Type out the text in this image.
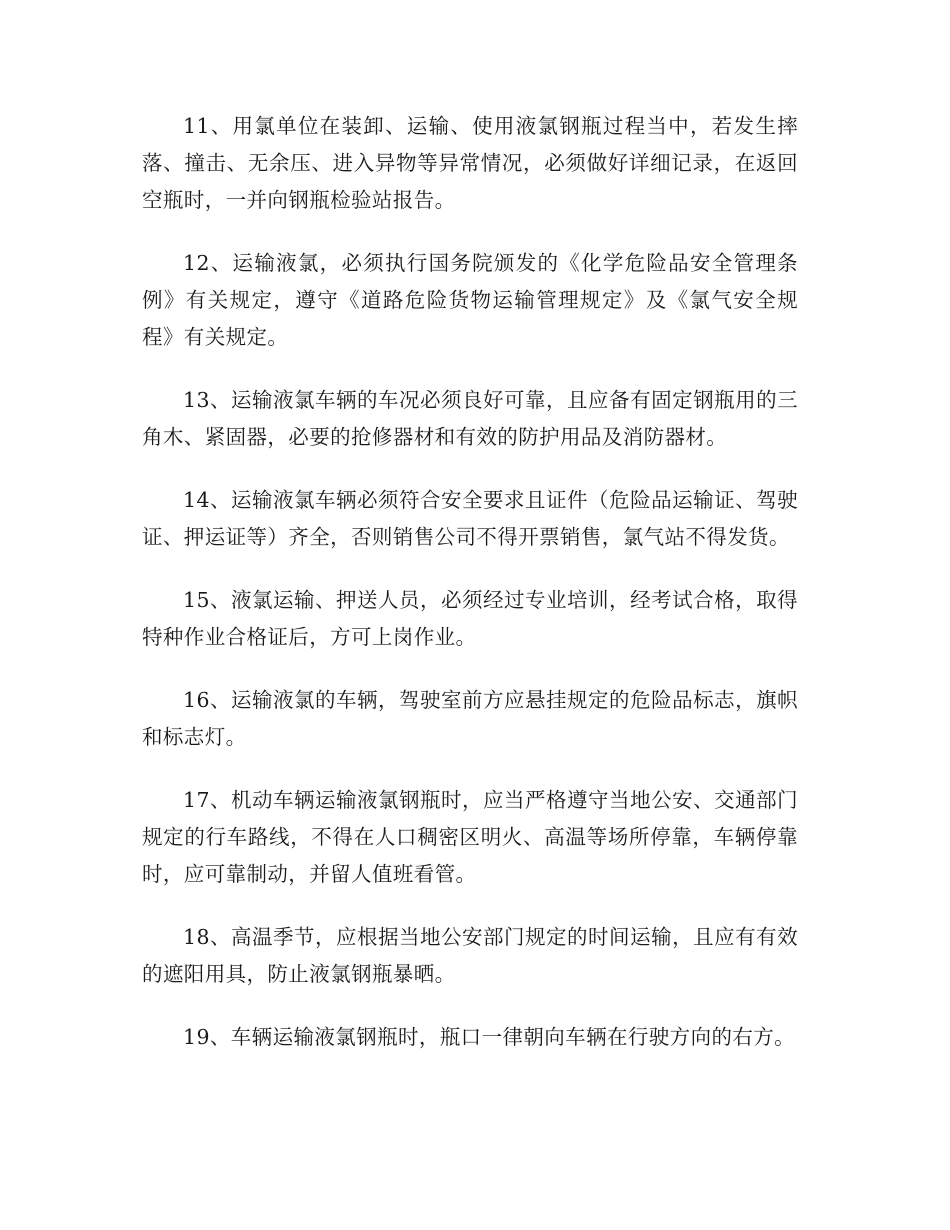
11、用氯单位在装卸、运输、使用液氯钢瓶过程当中，若发生摔落、撞击、无余压、进入异物等异常情况，必须做好详细记录，在返回空瓶时，一并向钢瓶检验站报告。

12、运输液氯，必须执行国务院颁发的《化学危险品安全管理条例》有关规定，遵守《道路危险货物运输管理规定》及《氯气安全规程》有关规定。

13、运输液氯车辆的车况必须良好可靠，且应备有固定钢瓶用的三角木、紧固器，必要的抢修器材和有效的防护用品及消防器材。

14、运输液氯车辆必须符合安全要求且证件（危险品运输证、驾驶证、押运证等）齐全，否则销售公司不得开票销售，氯气站不得发货。

15、液氯运输、押送人员，必须经过专业培训，经考试合格，取得特种作业合格证后，方可上岗作业。

16、运输液氯的车辆，驾驶室前方应悬挂规定的危险品标志，旗帜和标志灯。

17、机动车辆运输液氯钢瓶时，应当严格遵守当地公安、交通部门规定的行车路线，不得在人口稠密区明火、高温等场所停靠，车辆停靠时，应可靠制动，并留人值班看管。

18、高温季节，应根据当地公安部门规定的时间运输，且应有有效的遮阳用具，防止液氯钢瓶暴晒。

19、车辆运输液氯钢瓶时，瓶口一律朝向车辆在行驶方向的右方。
